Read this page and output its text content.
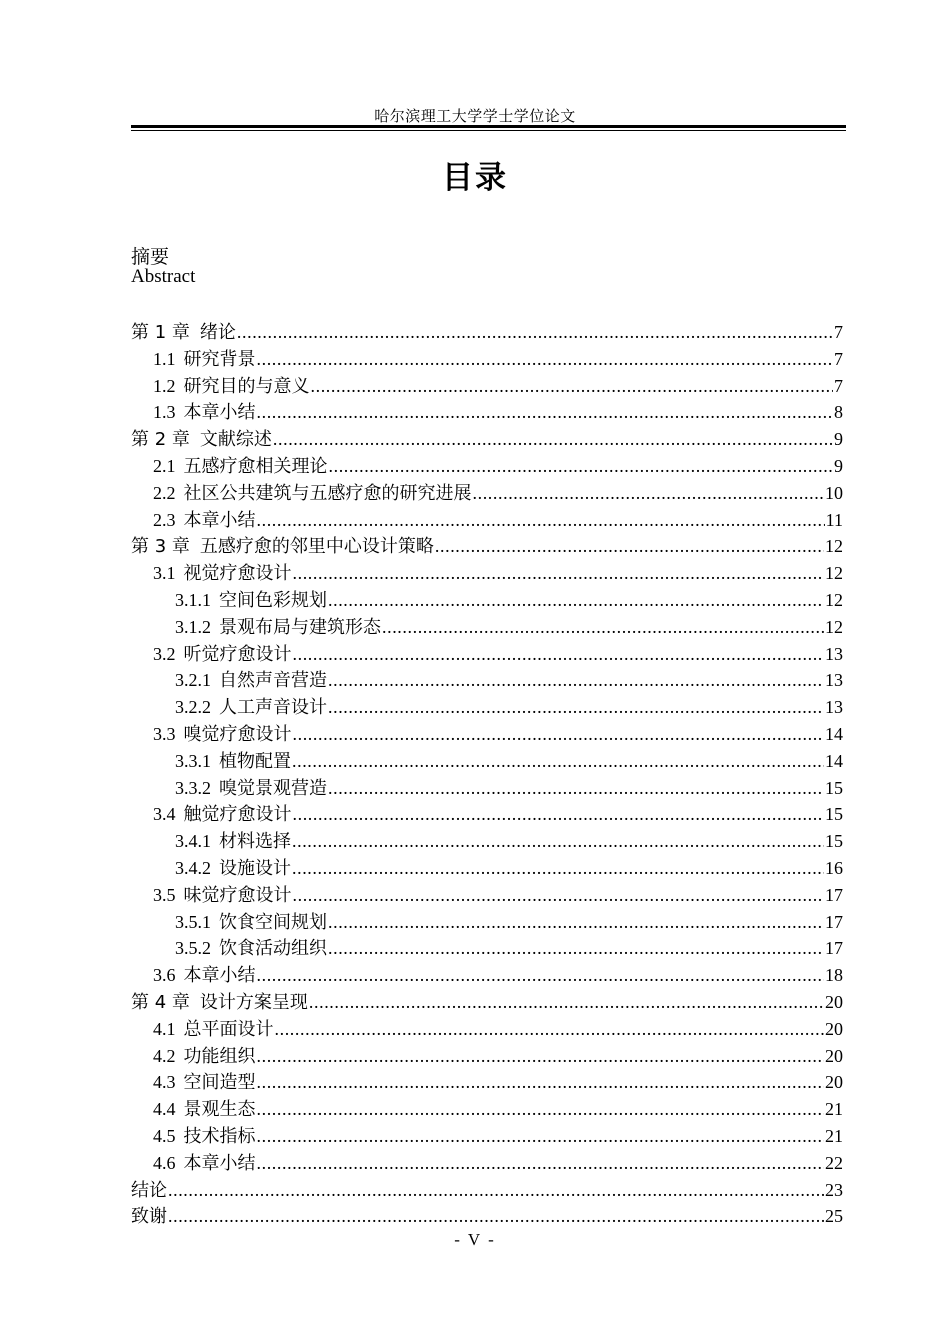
哈尔滨理工大学学士学位论文
目录
摘要
Abstract
第 1 章 绪论 .....	7
1.1 研究背景 .....	7
1.2 研究目的与意义 .....	7
1.3 本章小结 .....	8
第 2 章 文献综述 .....	9
2.1 五感疗愈相关理论 .....	9
2.2 社区公共建筑与五感疗愈的研究进展 .....	10
2.3 本章小结 .....	11
第 3 章 五感疗愈的邻里中心设计策略 .....	12
3.1 视觉疗愈设计 .....	12
3.1.1 空间色彩规划 .....	12
3.1.2 景观布局与建筑形态 .....	12
3.2 听觉疗愈设计 .....	13
3.2.1 自然声音营造 .....	13
3.2.2 人工声音设计 .....	13
3.3 嗅觉疗愈设计 .....	14
3.3.1 植物配置 .....	14
3.3.2 嗅觉景观营造 .....	15
3.4 触觉疗愈设计 .....	15
3.4.1 材料选择 .....	15
3.4.2 设施设计 .....	16
3.5 味觉疗愈设计 .....	17
3.5.1 饮食空间规划 .....	17
3.5.2 饮食活动组织 .....	17
3.6 本章小结 .....	18
第 4 章 设计方案呈现 .....	20
4.1 总平面设计 .....	20
4.2 功能组织 .....	20
4.3 空间造型 .....	20
4.4 景观生态 .....	21
4.5 技术指标 .....	21
4.6 本章小结 .....	22
结论 .....	23
致谢 .....	25
- V -
